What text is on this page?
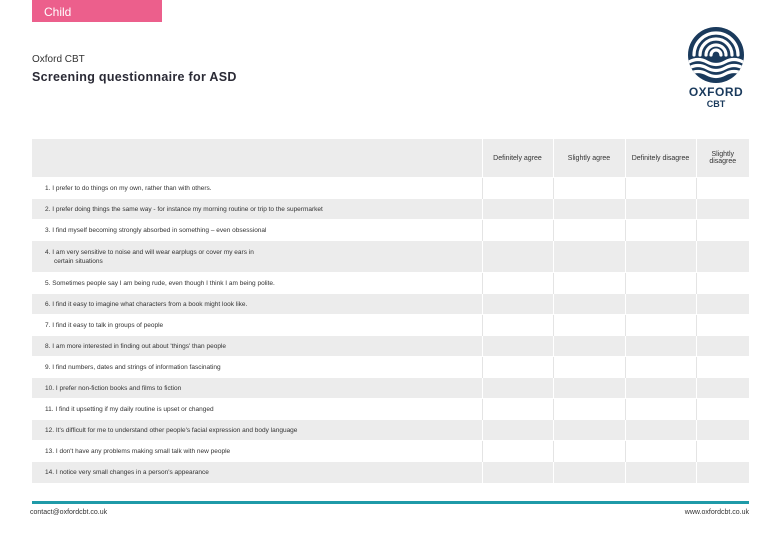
Child
Oxford CBT
Screening questionnaire for ASD
OXFORD
CBT
	Definitely agree	Slightly agree	Definitely disagree	Slightly disagree
1. I prefer to do things on my own, rather than with others.				
2. I prefer doing things the same way - for instance my morning routine or trip to the supermarket				
3. I find myself becoming strongly absorbed in something – even obsessional				

4. I am very sensitive to noise and will wear earplugs or cover my ears in
certain situations				

5. Sometimes people say I am being rude, even though I think I am being polite.				
6. I find it easy to imagine what characters from a book might look like.				
7. I find it easy to talk in groups of people				
8. I am more interested in finding out about 'things' than people				
9. I find numbers, dates and strings of information fascinating				
10. I prefer non-fiction books and films to fiction				
11. I find it upsetting if my daily routine is upset or changed				
12. It's difficult for me to understand other people's facial expression and body language				
13. I don't have any problems making small talk with new people				
14. I notice very small changes in a person's appearance				
contact@oxfordcbt.co.uk	www.oxfordcbt.co.uk
